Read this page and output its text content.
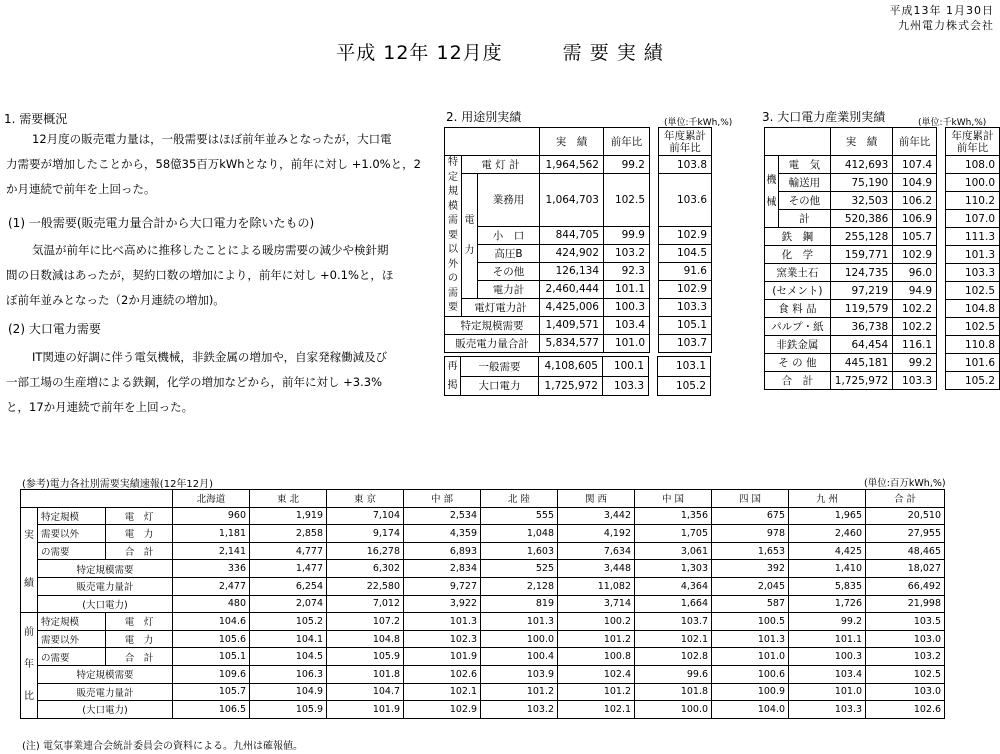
平成13年 1月30日
九州電力株式会社
平成 12年 12月度　　　需 要 実 績
1. 需要概況
12月度の販売電力量は，一般需要はほぼ前年並みとなったが，大口電
力需要が増加したことから，58億35百万kWhとなり，前年に対し +1.0%と，2
か月連続で前年を上回った。
(1) 一般需要(販売電力量合計から大口電力を除いたもの)
気温が前年に比べ高めに推移したことによる暖房需要の減少や検針期
間の日数減はあったが，契約口数の増加により，前年に対し +0.1%と，ほ
ぼ前年並みとなった（2か月連続の増加)。
(2) 大口電力需要
IT関連の好調に伴う電気機械，非鉄金属の増加や，自家発稼働減及び
一部工場の生産増による鉄鋼，化学の増加などから，前年に対し +3.3%
と，17か月連続で前年を上回った。
2. 用途別実績	(単位:千kWh,%)
			実　績	前年比		年度累計
前年比

特定規模需要以外の需要	電 灯 計		1,964,562	99.2		103.8

	電
力	業務用	1,064,703	102.5		103.6
		小　口	844,705	99.9		102.9
		高圧B	424,902	103.2		104.5
		その他	126,134	92.3		91.6
		電力計	2,460,444	101.1		102.9
	電灯電力計		4,425,006	100.3		103.3
特定規模需要			1,409,571	103.4		105.1
販売電力量合計			5,834,577	101.0		103.7
再
掲	一般需要	4,108,605	100.1		103.1
	大口電力	1,725,972	103.3		105.2
3. 大口電力産業別実績	(単位:千kWh,%)
		実　績	前年比		年度累計
前年比

機
械	電　気	412,693	107.4		108.0
	輸送用	75,190	104.9		100.0
	その他	32,503	106.2		110.2
	計	520,386	106.9		107.0
鉄　鋼		255,128	105.7		111.3
化　学		159,771	102.9		101.3
窯業土石		124,735	96.0		103.3
(セメント)		97,219	94.9		102.5
食 料 品		119,579	102.2		104.8
パルプ・紙		36,738	102.2		102.5
非鉄金属		64,454	116.1		110.8
そ の 他		445,181	99.2		101.6
合　計		1,725,972	103.3		105.2
(参考)電力各社別需要実績速報(12年12月)	(単位:百万kWh,%)
			北海道	東 北	東 京	中 部	北 陸	関 西	中 国	四 国	九 州	合 計

実
績	特定規模	電　灯	960	1,919	7,104	2,534	555	3,442	1,356	675	1,965	20,510
	需要以外	電　力	1,181	2,858	9,174	4,359	1,048	4,192	1,705	978	2,460	27,955
	の需要	合　計	2,141	4,777	16,278	6,893	1,603	7,634	3,061	1,653	4,425	48,465
	特定規模需要		336	1,477	6,302	2,834	525	3,448	1,303	392	1,410	18,027
	販売電力量計		2,477	6,254	22,580	9,727	2,128	11,082	4,364	2,045	5,835	66,492
	(大口電力)		480	2,074	7,012	3,922	819	3,714	1,664	587	1,726	21,998

前
年
比	特定規模	電　灯	104.6	105.2	107.2	101.3	101.3	100.2	103.7	100.5	99.2	103.5
	需要以外	電　力	105.6	104.1	104.8	102.3	100.0	101.2	102.1	101.3	101.1	103.0
	の需要	合　計	105.1	104.5	105.9	101.9	100.4	100.8	102.8	101.0	100.3	103.2
	特定規模需要		109.6	106.3	101.8	102.6	103.9	102.4	99.6	100.6	103.4	102.5
	販売電力量計		105.7	104.9	104.7	102.1	101.2	101.2	101.8	100.9	101.0	103.0
	(大口電力)		106.5	105.9	101.9	102.9	103.2	102.1	100.0	104.0	103.3	102.6
(注) 電気事業連合会統計委員会の資料による。九州は確報値。
